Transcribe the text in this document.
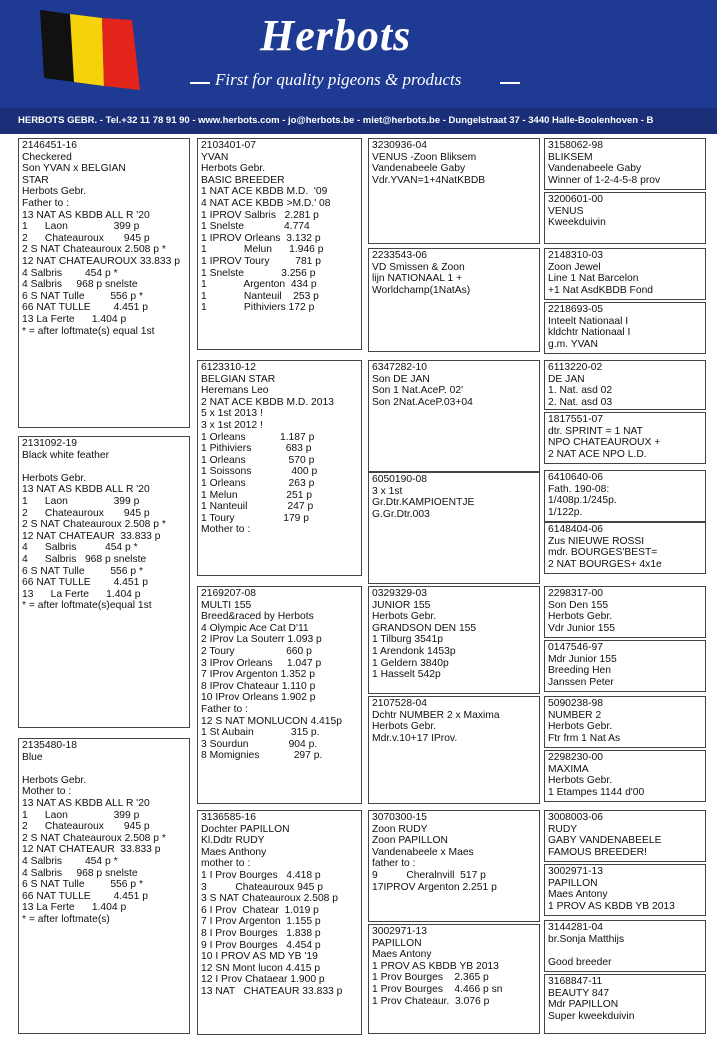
Herbots
First for quality pigeons & products
HERBOTS GEBR. - Tel.+32 11 78 91 90 - www.herbots.com - jo@herbots.be - miet@herbots.be - Dungelstraat 37 - 3440 Halle-Boolenhoven - B
2146451-16
Checkered
Son YVAN x BELGIAN
STAR
Herbots Gebr.
Father to :
13 NAT AS KBDB ALL R '20
1      Laon                399 p
2      Chateauroux       945 p
2 S NAT Chateauroux 2.508 p *
12 NAT CHATEAUROUX 33.833 p
4 Salbris        454 p *
4 Salbris     968 p snelste
6 S NAT Tulle         556 p *
66 NAT TULLE        4.451 p
13 La Ferte      1.404 p
* = after loftmate(s) equal 1st
2131092-19
Black white feather

Herbots Gebr.
13 NAT AS KBDB ALL R '20
1      Laon                399 p
2      Chateauroux       945 p
2 S NAT Chateauroux 2.508 p *
12 NAT CHATEAUR  33.833 p
4      Salbris          454 p *
4      Salbris   968 p snelste
6 S NAT Tulle         556 p *
66 NAT TULLE        4.451 p
13      La Ferte      1.404 p
* = after loftmate(s)equal 1st
2135480-18
Blue

Herbots Gebr.
Mother to :
13 NAT AS KBDB ALL R '20
1      Laon                399 p
2      Chateauroux       945 p
2 S NAT Chateauroux 2.508 p *
12 NAT CHATEAUR  33.833 p
4 Salbris        454 p *
4 Salbris     968 p snelste
6 S NAT Tulle         556 p *
66 NAT TULLE        4.451 p
13 La Ferte      1.404 p
* = after loftmate(s)
2103401-07
YVAN
Herbots Gebr.
BASIC BREEDER
1 NAT ACE KBDB M.D.  '09
4 NAT ACE KBDB >M.D.' 08
1 IPROV Salbris   2.281 p
1 Snelste              4.774
1 IPROV Orleans  3.132 p
1             Melun      1.946 p
1 IPROV Toury         781 p
1 Snelste             3.256 p
1             Argenton  434 p
1             Nanteuil    253 p
1             Pithiviers 172 p
6123310-12
BELGIAN STAR
Heremans Leo
2 NAT ACE KBDB M.D. 2013
5 x 1st 2013 !
3 x 1st 2012 !
1 Orleans            1.187 p
1 Pithiviers            683 p
1 Orleans               570 p
1 Soissons              400 p
1 Orleans               263 p
1 Melun                 251 p
1 Nanteuil              247 p
1 Toury                 179 p
Mother to :
2169207-08
MULTI 155
Breed&raced by Herbots
4 Olympic Ace Cat D'11
2 IProv La Souterr 1.093 p
2 Toury                  660 p
3 IProv Orleans     1.047 p
7 IProv Argenton 1.352 p
8 IProv Chateaur 1.110 p
10 IProv Orleans 1.902 p
Father to :
12 S NAT MONLUCON 4.415p
1 St Aubain             315 p.
3 Sourdun              904 p.
8 Momignies            297 p.
3136585-16
Dochter PAPILLON
Kl.Ddtr RUDY
Maes Anthony
mother to :
1 I Prov Bourges   4.418 p
3          Chateauroux 945 p
3 S NAT Chateauroux 2.508 p
6 I Prov  Chatear  1.019 p
7 I Prov Argenton  1.155 p
8 I Prov Bourges   1.838 p
9 I Prov Bourges   4.454 p
10 I PROV AS MD YB '19
12 SN Mont lucon 4.415 p
12 I Prov Chataear 1.900 p
13 NAT   CHATEAUR 33.833 p
3230936-04
VENUS -Zoon Bliksem
Vandenabeele Gaby
Vdr.YVAN=1+4NatKBDB
2233543-06
VD Smissen & Zoon
lijn NATIONAAL 1 +
Worldchamp(1NatAs)
6347282-10
Son DE JAN
Son 1 Nat.AceP. 02'
Son 2Nat.AceP.03+04
6050190-08
3 x 1st
Gr.Dtr.KAMPIOENTJE
G.Gr.Dtr.003
0329329-03
JUNIOR 155
Herbots Gebr.
GRANDSON DEN 155
1 Tilburg 3541p
1 Arendonk 1453p
1 Geldern 3840p
1 Hasselt 542p
2107528-04
Dchtr NUMBER 2 x Maxima
Herbots Gebr.
Mdr.v.10+17 IProv.
3070300-15
Zoon RUDY
Zoon PAPILLON
Vandenabeele x Maes
father to :
9          Cheralnvill  517 p
17IPROV Argenton 2.251 p
3002971-13
PAPILLON
Maes Antony
1 PROV AS KBDB YB 2013
1 Prov Bourges    2.365 p
1 Prov Bourges    4.466 p sn
1 Prov Chateaur.  3.076 p
3158062-98
BLIKSEM
Vandenabeele Gaby
Winner of 1-2-4-5-8 prov
3200601-00
VENUS
Kweekduivin
2148310-03
Zoon Jewel
Line 1 Nat Barcelon
+1 Nat AsdKBDB Fond
2218693-05
Inteelt Nationaal I
kldchtr Nationaal I
g.m. YVAN
6113220-02
DE JAN
1. Nat. asd 02
2. Nat. asd 03
1817551-07
dtr. SPRINT = 1 NAT
NPO CHATEAUROUX +
2 NAT ACE NPO L.D.
6410640-06
Fath. 190-08:
1/408p.1/245p.
1/122p.
6148404-06
Zus NIEUWE ROSSI
mdr. BOURGES'BEST=
2 NAT BOURGES+ 4x1e
2298317-00
Son Den 155
Herbots Gebr.
Vdr Junior 155
0147546-97
Mdr Junior 155
Breeding Hen
Janssen Peter
5090238-98
NUMBER 2
Herbots Gebr.
Ftr frm 1 Nat As
2298230-00
MAXIMA
Herbots Gebr.
1 Etampes 1144 d'00
3008003-06
RUDY
GABY VANDENABEELE
FAMOUS BREEDER!
3002971-13
PAPILLON
Maes Antony
1 PROV AS KBDB YB 2013
3144281-04
br.Sonja Matthijs

Good breeder
3168847-11
BEAUTY 847
Mdr PAPILLON
Super kweekduivin
